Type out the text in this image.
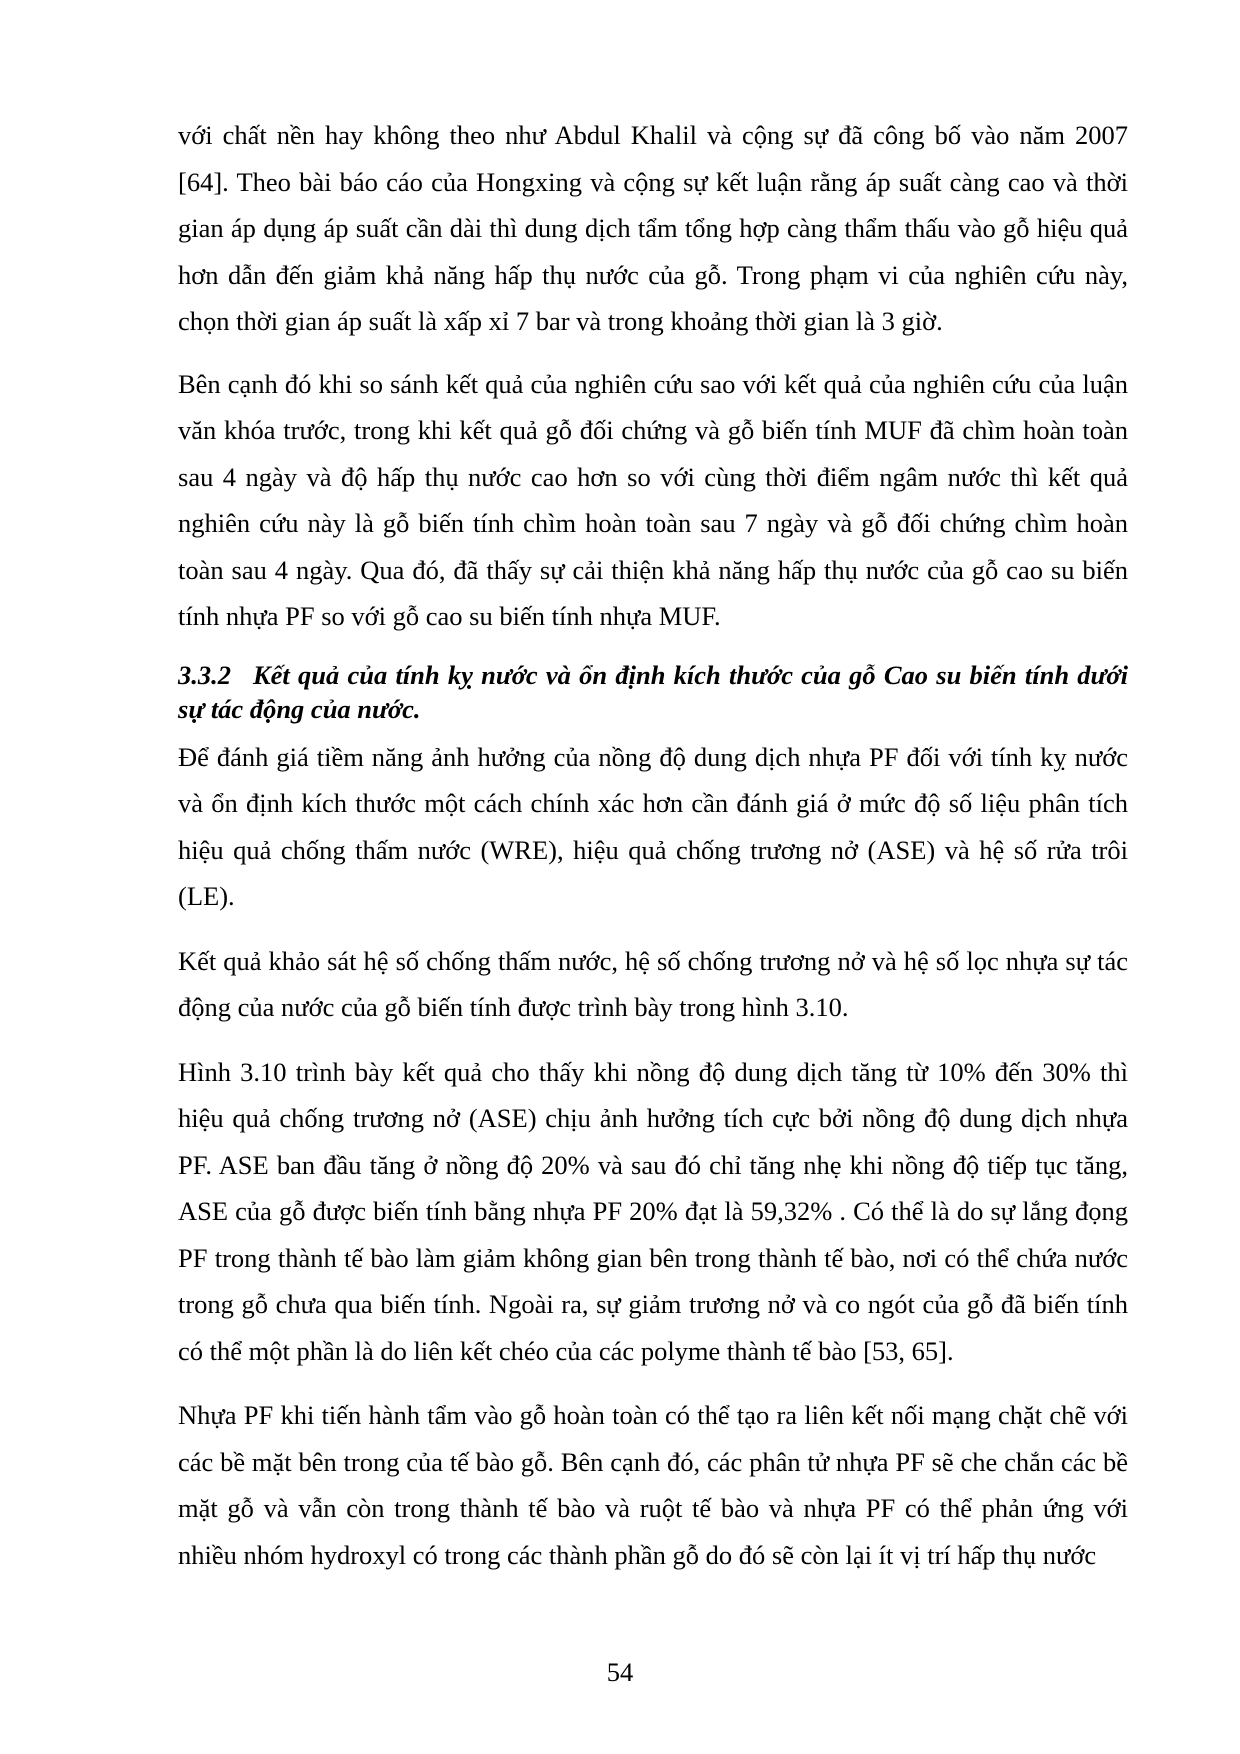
với chất nền hay không theo như Abdul Khalil và cộng sự đã công bố vào năm 2007 [64]. Theo bài báo cáo của Hongxing và cộng sự kết luận rằng áp suất càng cao và thời gian áp dụng áp suất cần dài thì dung dịch tẩm tổng hợp càng thẩm thấu vào gỗ hiệu quả hơn dẫn đến giảm khả năng hấp thụ nước của gỗ. Trong phạm vi của nghiên cứu này, chọn thời gian áp suất là xấp xỉ 7 bar và trong khoảng thời gian là 3 giờ.

Bên cạnh đó khi so sánh kết quả của nghiên cứu sao với kết quả của nghiên cứu của luận văn khóa trước, trong khi kết quả gỗ đối chứng và gỗ biến tính MUF đã chìm hoàn toàn sau 4 ngày và độ hấp thụ nước cao hơn so với cùng thời điểm ngâm nước thì kết quả nghiên cứu này là gỗ biến tính chìm hoàn toàn sau 7 ngày và gỗ đối chứng chìm hoàn toàn sau 4 ngày. Qua đó, đã thấy sự cải thiện khả năng hấp thụ nước của gỗ cao su biến tính nhựa PF so với gỗ cao su biến tính nhựa MUF.

3.3.2 Kết quả của tính kỵ nước và ổn định kích thước của gỗ Cao su biến tính dưới sự tác động của nước.

Để đánh giá tiềm năng ảnh hưởng của nồng độ dung dịch nhựa PF đối với tính kỵ nước và ổn định kích thước một cách chính xác hơn cần đánh giá ở mức độ số liệu phân tích hiệu quả chống thấm nước (WRE), hiệu quả chống trương nở (ASE) và hệ số rửa trôi (LE).

Kết quả khảo sát hệ số chống thấm nước, hệ số chống trương nở và hệ số lọc nhựa sự tác động của nước của gỗ biến tính được trình bày trong hình 3.10.

Hình 3.10 trình bày kết quả cho thấy khi nồng độ dung dịch tăng từ 10% đến 30% thì hiệu quả chống trương nở (ASE) chịu ảnh hưởng tích cực bởi nồng độ dung dịch nhựa PF. ASE ban đầu tăng ở nồng độ 20% và sau đó chỉ tăng nhẹ khi nồng độ tiếp tục tăng, ASE của gỗ được biến tính bằng nhựa PF 20% đạt là 59,32% . Có thể là do sự lắng đọng PF trong thành tế bào làm giảm không gian bên trong thành tế bào, nơi có thể chứa nước trong gỗ chưa qua biến tính. Ngoài ra, sự giảm trương nở và co ngót của gỗ đã biến tính có thể một phần là do liên kết chéo của các polyme thành tế bào [53, 65].

Nhựa PF khi tiến hành tẩm vào gỗ hoàn toàn có thể tạo ra liên kết nối mạng chặt chẽ với các bề mặt bên trong của tế bào gỗ. Bên cạnh đó, các phân tử nhựa PF sẽ che chắn các bề mặt gỗ và vẫn còn trong thành tế bào và ruột tế bào và nhựa PF có thể phản ứng với nhiều nhóm hydroxyl có trong các thành phần gỗ do đó sẽ còn lại ít vị trí hấp thụ nước

54
